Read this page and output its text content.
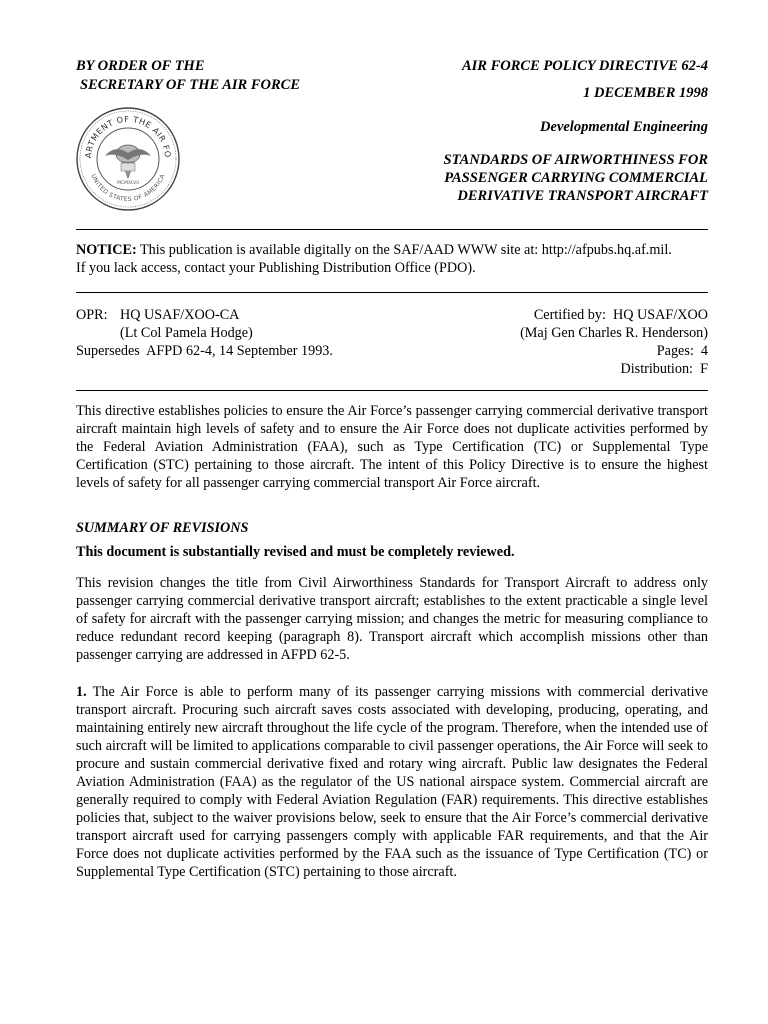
BY ORDER OF THE
SECRETARY OF THE AIR FORCE
AIR FORCE POLICY DIRECTIVE 62-4
1 DECEMBER 1998
Developmental Engineering
STANDARDS OF AIRWORTHINESS FOR
PASSENGER CARRYING COMMERCIAL
DERIVATIVE TRANSPORT AIRCRAFT
ARTMENT OF THE AIR FO
UNITED STATES OF AMERICA
MCMXLVII
NOTICE: This publication is available digitally on the SAF/AAD WWW site at: http://afpubs.hq.af.mil.
If you lack access, contact your Publishing Distribution Office (PDO).
OPR: HQ USAF/XOO-CA
(Lt Col Pamela Hodge)
Supersedes  AFPD 62-4, 14 September 1993.
Certified by:  HQ USAF/XOO
(Maj Gen Charles R. Henderson)
Pages:  4
Distribution:  F

This directive establishes policies to ensure the Air Force’s passenger carrying commercial derivative transport aircraft maintain high levels of safety and to ensure the Air Force does not duplicate activities performed by the Federal Aviation Administration (FAA), such as Type Certification (TC) or Supplemental Type Certification (STC) pertaining to those aircraft. The intent of this Policy Directive is to ensure the highest levels of safety for all passenger carrying commercial transport Air Force aircraft.

SUMMARY OF REVISIONS
This document is substantially revised and must be completely reviewed.

This revision changes the title from Civil Airworthiness Standards for Transport Aircraft to address only passenger carrying commercial derivative transport aircraft; establishes to the extent practicable a single level of safety for aircraft with the passenger carrying mission; and changes the metric for measuring compliance to reduce redundant record keeping (paragraph 8). Transport aircraft which accomplish missions other than passenger carrying are addressed in AFPD 62-5.

1. The Air Force is able to perform many of its passenger carrying missions with commercial derivative transport aircraft. Procuring such aircraft saves costs associated with developing, producing, operating, and maintaining entirely new aircraft throughout the life cycle of the program. Therefore, when the intended use of such aircraft will be limited to applications comparable to civil passenger operations, the Air Force will seek to procure and sustain commercial derivative fixed and rotary wing aircraft. Public law designates the Federal Aviation Administration (FAA) as the regulator of the US national airspace system. Commercial aircraft are generally required to comply with Federal Aviation Regulation (FAR) requirements. This directive establishes policies that, subject to the waiver provisions below, seek to ensure that the Air Force’s commercial derivative transport aircraft used for carrying passengers comply with applicable FAR requirements, and that the Air Force does not duplicate activities performed by the FAA such as the issuance of Type Certification (TC) or Supplemental Type Certification (STC) pertaining to those aircraft.
